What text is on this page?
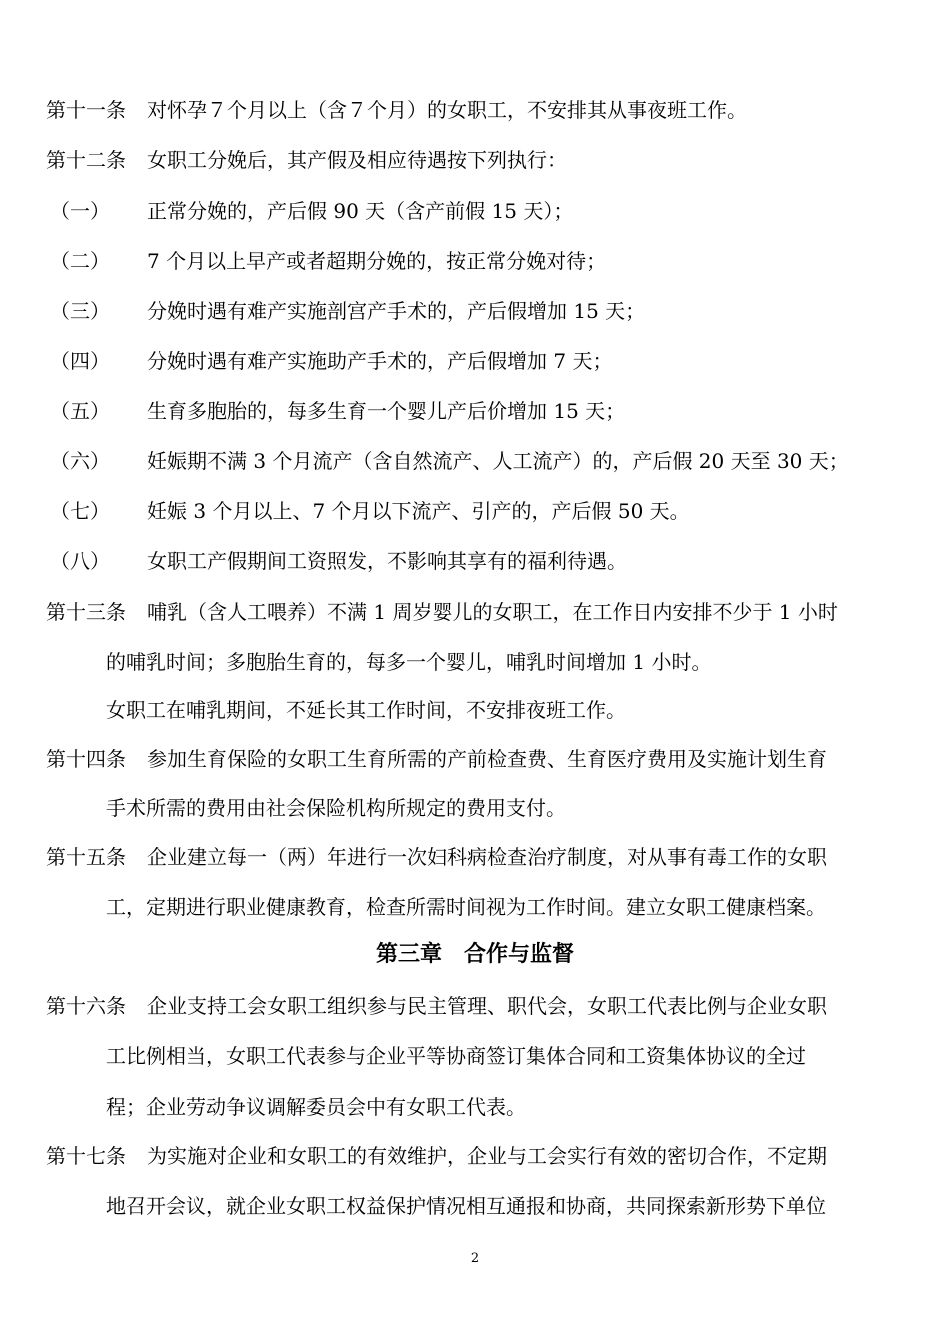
第十一条 对怀孕７个月以上（含７个月）的女职工，不安排其从事夜班工作。
第十二条 女职工分娩后，其产假及相应待遇按下列执行：
（一） 正常分娩的，产后假 90 天（含产前假 15 天）；
（二） 7 个月以上早产或者超期分娩的，按正常分娩对待；
（三） 分娩时遇有难产实施剖宫产手术的，产后假增加 15 天；
（四） 分娩时遇有难产实施助产手术的，产后假增加 7 天；
（五） 生育多胞胎的，每多生育一个婴儿产后价增加 15 天；
（六） 妊娠期不满 3 个月流产（含自然流产、人工流产）的，产后假 20 天至 30 天；
（七） 妊娠 3 个月以上、7 个月以下流产、引产的，产后假 50 天。
（八） 女职工产假期间工资照发，不影响其享有的福利待遇。
第十三条 哺乳（含人工喂养）不满 1 周岁婴儿的女职工，在工作日内安排不少于 1 小时
的哺乳时间；多胞胎生育的，每多一个婴儿，哺乳时间增加 1 小时。
女职工在哺乳期间，不延长其工作时间，不安排夜班工作。
第十四条 参加生育保险的女职工生育所需的产前检查费、生育医疗费用及实施计划生育
手术所需的费用由社会保险机构所规定的费用支付。
第十五条 企业建立每一（两）年进行一次妇科病检查治疗制度，对从事有毒工作的女职
工，定期进行职业健康教育，检查所需时间视为工作时间。建立女职工健康档案。
第三章　合作与监督
第十六条 企业支持工会女职工组织参与民主管理、职代会，女职工代表比例与企业女职
工比例相当，女职工代表参与企业平等协商签订集体合同和工资集体协议的全过
程；企业劳动争议调解委员会中有女职工代表。
第十七条 为实施对企业和女职工的有效维护，企业与工会实行有效的密切合作，不定期
地召开会议，就企业女职工权益保护情况相互通报和协商，共同探索新形势下单位
2
